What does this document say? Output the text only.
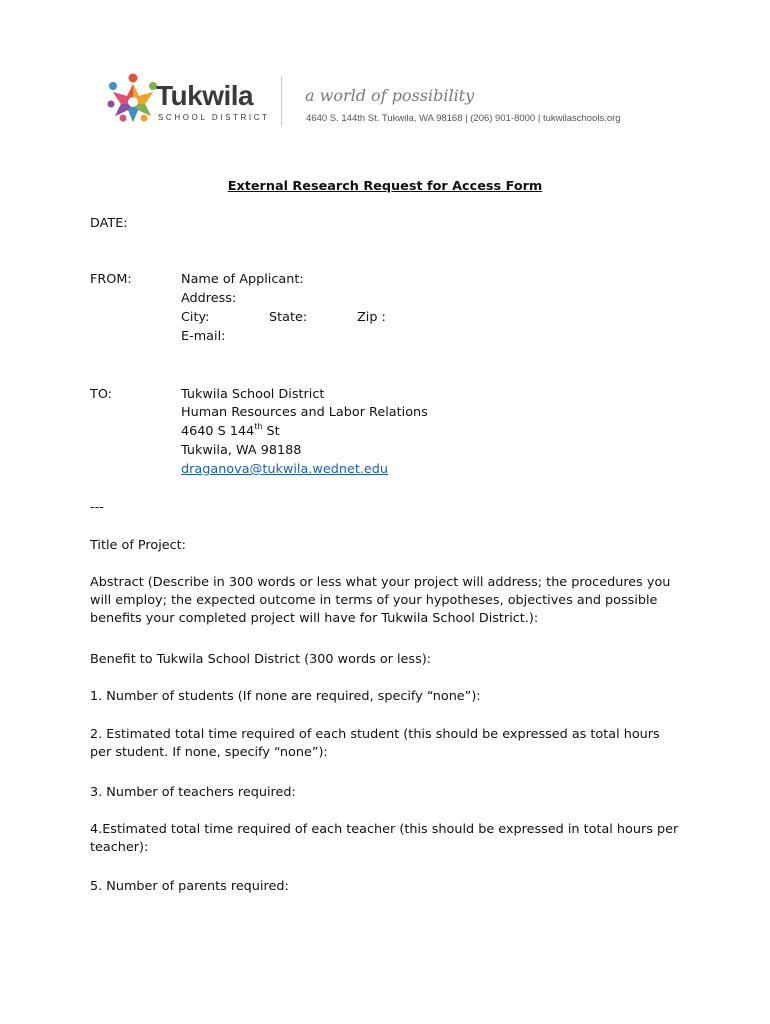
Tukwila
SCHOOL DISTRICT
a world of possibility
4640 S. 144th St. Tukwila, WA 98168 | (206) 901-8000 | tukwilaschools.org
External Research Request for Access Form
DATE:
FROM:	Name of Applicant:
Address:
City:	State:	Zip :
E-mail:
TO:	Tukwila School District
Human Resources and Labor Relations
4640 S 144th St
Tukwila, WA 98188
draganova@tukwila.wednet.edu
---
Title of Project:
Abstract (Describe in 300 words or less what your project will address; the procedures you will employ; the expected outcome in terms of your hypotheses, objectives and possible benefits your completed project will have for Tukwila School District.):
Benefit to Tukwila School District (300 words or less):
1. Number of students (If none are required, specify “none”):
2. Estimated total time required of each student (this should be expressed as total hours per student. If none, specify “none”):
3. Number of teachers required:
4.Estimated total time required of each teacher (this should be expressed in total hours per teacher):
5. Number of parents required:
